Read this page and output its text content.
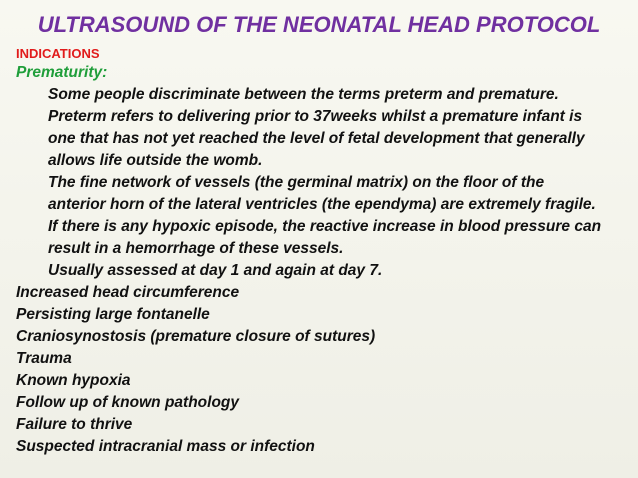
ULTRASOUND OF THE NEONATAL HEAD PROTOCOL
INDICATIONS
Prematurity:
Some people discriminate between the terms preterm and premature.
Preterm refers to delivering prior to 37weeks whilst a premature infant is
one that has not yet reached the level of fetal development that generally
allows life outside the womb.
The fine network of vessels (the germinal matrix) on the floor of the
anterior horn of the lateral ventricles (the ependyma) are extremely fragile.
If there is any hypoxic episode, the reactive increase in blood pressure can
result in a hemorrhage of these vessels.
Usually assessed at day 1 and again at day 7.
Increased head circumference
Persisting large fontanelle
Craniosynostosis (premature closure of sutures)
Trauma
Known hypoxia
Follow up of known pathology
Failure to thrive
Suspected intracranial mass or infection
